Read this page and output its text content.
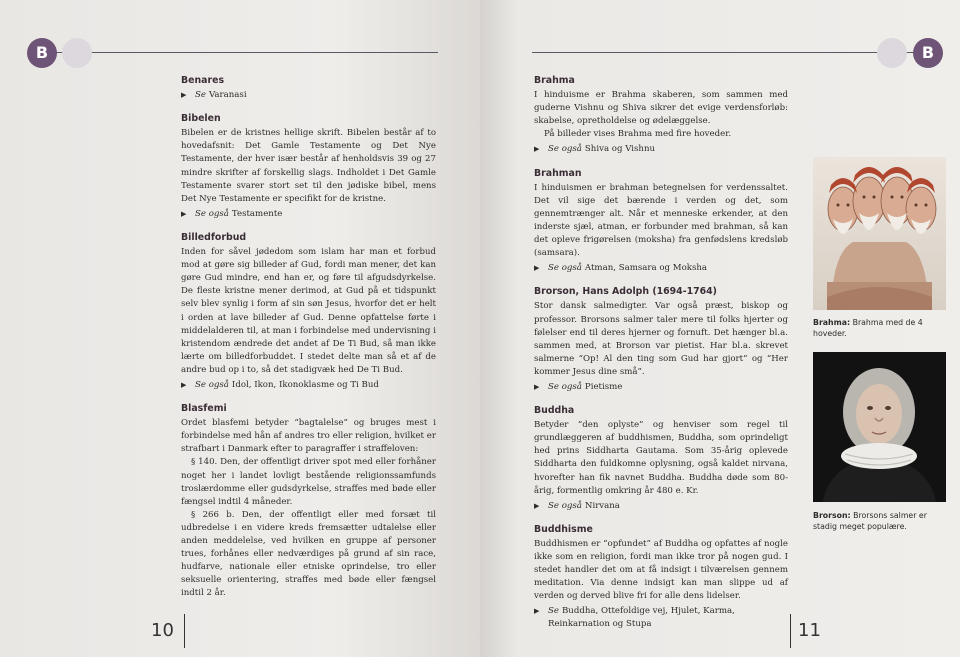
B
Benares
▶	Se Varanasi
Bibelen

Bibelen er de kristnes hellige skrift. Bibelen består af to hovedafsnit: Det Gamle Testamente og Det Nye Testamente, der hver især består af henholdsvis 39 og 27 mindre skrifter af forskellig slags. Indholdet i Det Gamle Testamente svarer stort set til den jødiske bibel, mens Det Nye Testamente er specifikt for de kristne.

▶	Se også Testamente
Billedforbud

Inden for såvel jødedom som islam har man et forbud mod at gøre sig billeder af Gud, fordi man mener, det kan gøre Gud mindre, end han er, og føre til afgudsdyrkelse. De fleste kristne mener derimod, at Gud på et tidspunkt selv blev synlig i form af sin søn Jesus, hvorfor det er helt i orden at lave billeder af Gud. Denne opfattelse førte i middelalderen til, at man i forbindelse med undervisning i kristendom ændrede det andet af De Ti Bud, så man ikke lærte om billedforbuddet. I stedet delte man så et af de andre bud op i to, så det stadigvæk hed De Ti Bud.

▶	Se også Idol, Ikon, Ikonoklasme og Ti Bud
Blasfemi

Ordet blasfemi betyder “bagtalelse” og bruges mest i forbindelse med hån af andres tro eller religion, hvilket er strafbart i Danmark efter to paragraffer i straffeloven:

§ 140. Den, der offentligt driver spot med eller forhåner noget her i landet lovligt bestående religionssamfunds troslærdomme eller gudsdyrkelse, straffes med bøde eller fængsel indtil 4 måneder.

§ 266 b. Den, der offentligt eller med forsæt til udbredelse i en videre kreds fremsætter udtalelse eller anden meddelelse, ved hvilken en gruppe af personer trues, forhånes eller nedværdiges på grund af sin race, hudfarve, nationale eller etniske oprindelse, tro eller seksuelle orientering, straffes med bøde eller fængsel indtil 2 år.

10
B
Brahma

I hinduisme er Brahma skaberen, som sammen med guderne Vishnu og Shiva sikrer det evige verdensforløb: skabelse, opretholdelse og ødelæggelse.

På billeder vises Brahma med fire hoveder.

▶	Se også Shiva og Vishnu
Brahman

I hinduismen er brahman betegnelsen for verdenssaltet. Det vil sige det bærende i verden og det, som gennemtrænger alt. Når et menneske erkender, at den inderste sjæl, atman, er forbunder med brahman, så kan det opleve frigørelsen (moksha) fra genfødslens kredsløb (samsara).

▶	Se også Atman, Samsara og Moksha
Brorson, Hans Adolph (1694-1764)

Stor dansk salmedigter. Var også præst, biskop og professor. Brorsons salmer taler mere til folks hjerter og følelser end til deres hjerner og fornuft. Det hænger bl.a. sammen med, at Brorson var pietist. Har bl.a. skrevet salmerne “Op! Al den ting som Gud har gjort” og “Her kommer Jesus dine små”.

▶	Se også Pietisme
Buddha

Betyder “den oplyste” og henviser som regel til grundlæggeren af buddhismen, Buddha, som oprindeligt hed prins Siddharta Gautama. Som 35-årig oplevede Siddharta den fuldkomne oplysning, også kaldet nirvana, hvorefter han fik navnet Buddha. Buddha døde som 80-årig, formentlig omkring år 480 e. Kr.

▶	Se også Nirvana
Buddhisme

Buddhismen er “opfundet” af Buddha og opfattes af nogle ikke som en religion, fordi man ikke tror på nogen gud. I stedet handler det om at få indsigt i tilværelsen gennem meditation. Via denne indsigt kan man slippe ud af verden og derved blive fri for alle dens lidelser.

▶	Se Buddha, Ottefoldige vej, Hjulet, Karma, Reinkarnation og Stupa
Brahma: Brahma med de 4 hoveder.
Brorson: Brorsons salmer er stadig meget populære.
11
